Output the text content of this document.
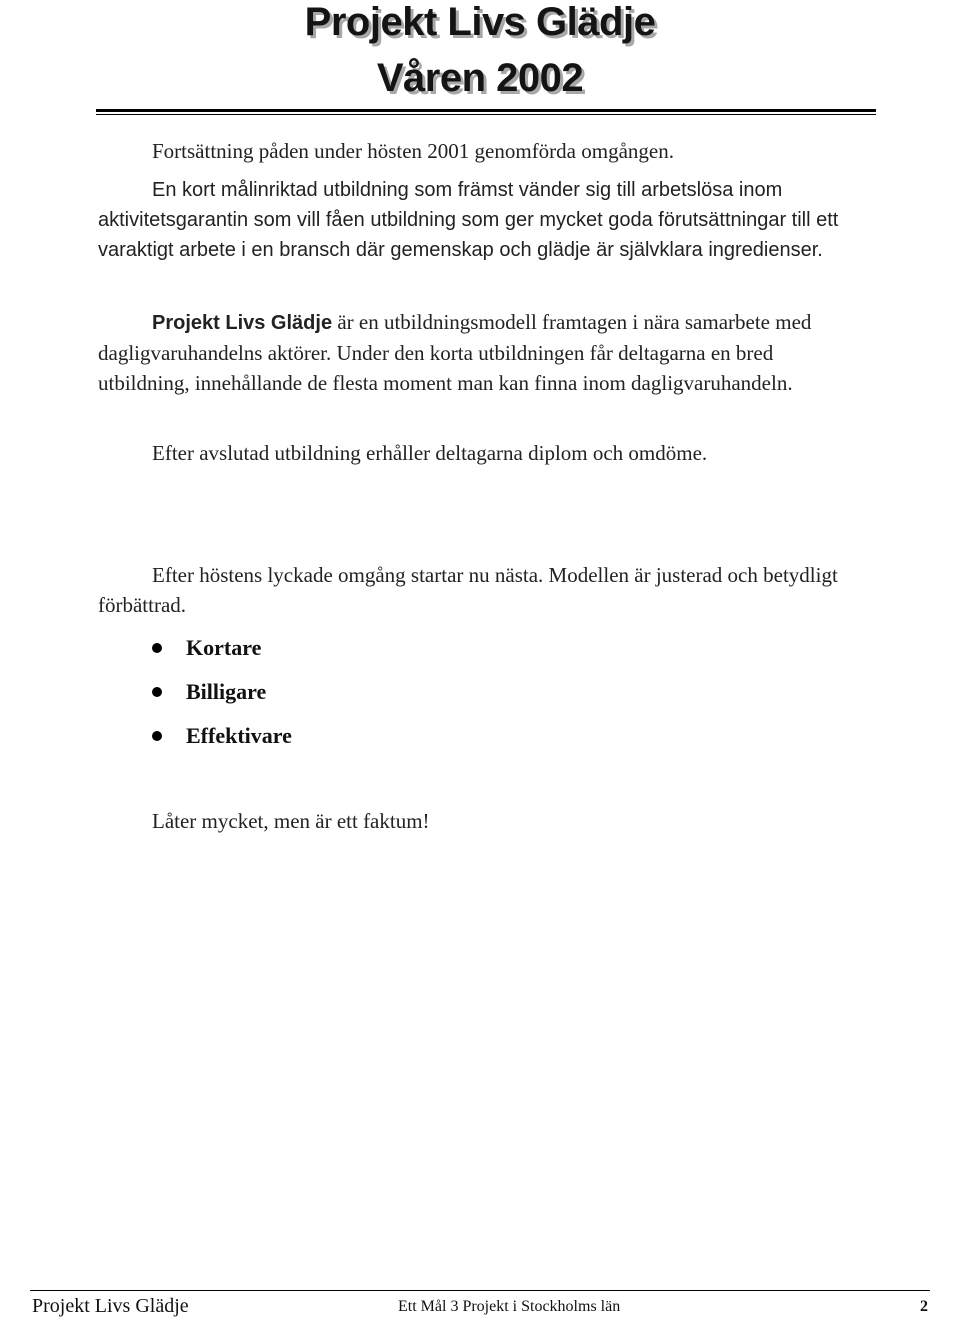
Projekt Livs Glädje
Våren 2002

Fortsättning påden under hösten 2001 genomförda omgången.

En kort målinriktad utbildning som främst vänder sig till arbetslösa inom aktivitetsgarantin som vill fåen utbildning som ger mycket goda förutsättningar till ett varaktigt arbete i en bransch där gemenskap och glädje är självklara ingredienser.

Projekt Livs Glädje är en utbildningsmodell framtagen i nära samarbete med dagligvaruhandelns aktörer. Under den korta utbildningen får deltagarna en bred utbildning, innehållande de flesta moment man kan finna inom dagligvaruhandeln.

Efter avslutad utbildning erhåller deltagarna diplom och omdöme.

Efter höstens lyckade omgång startar nu nästa. Modellen är justerad och betydligt förbättrad.

Kortare
Billigare
Effektivare

Låter mycket, men är ett faktum!

Projekt Livs Glädje	Ett Mål 3 Projekt i Stockholms län	2
